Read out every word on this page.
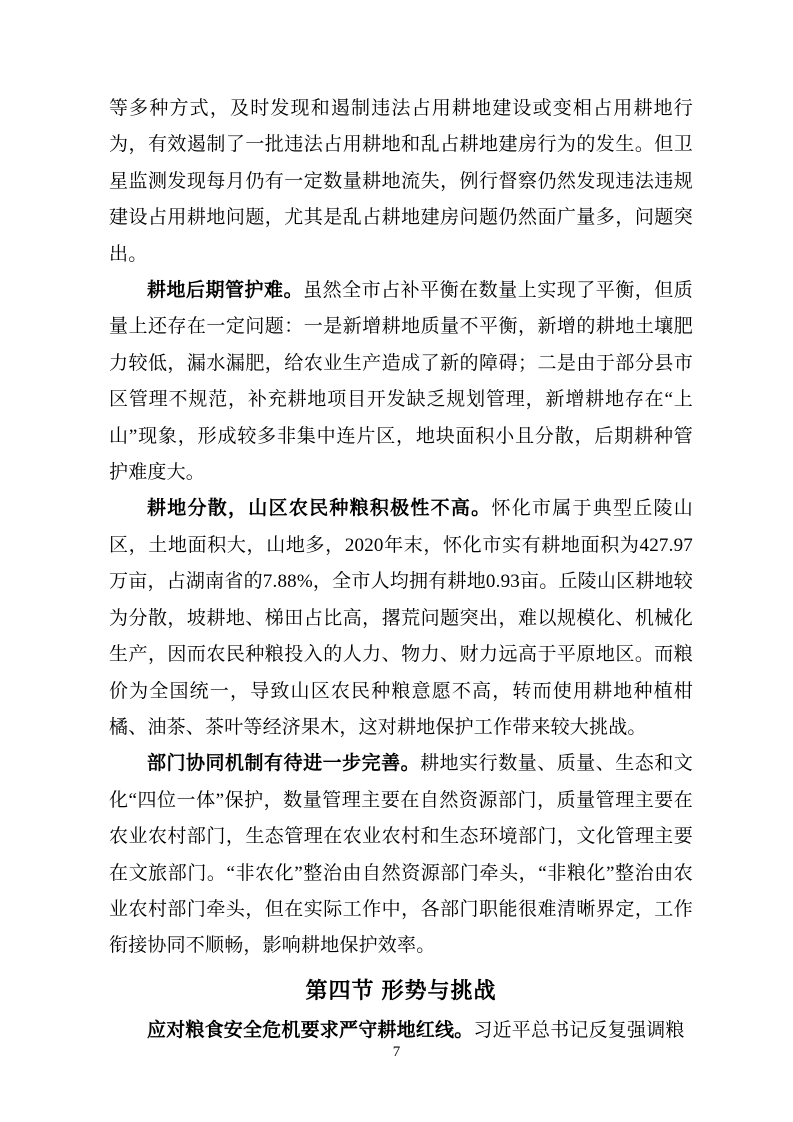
等多种方式，及时发现和遏制违法占用耕地建设或变相占用耕地行为，有效遏制了一批违法占用耕地和乱占耕地建房行为的发生。但卫星监测发现每月仍有一定数量耕地流失，例行督察仍然发现违法违规建设占用耕地问题，尤其是乱占耕地建房问题仍然面广量多，问题突出。

耕地后期管护难。虽然全市占补平衡在数量上实现了平衡，但质量上还存在一定问题：一是新增耕地质量不平衡，新增的耕地土壤肥力较低，漏水漏肥，给农业生产造成了新的障碍；二是由于部分县市区管理不规范，补充耕地项目开发缺乏规划管理，新增耕地存在“上山”现象，形成较多非集中连片区，地块面积小且分散，后期耕种管护难度大。

耕地分散，山区农民种粮积极性不高。怀化市属于典型丘陵山区，土地面积大，山地多，2020年末，怀化市实有耕地面积为427.97万亩，占湖南省的7.88%，全市人均拥有耕地0.93亩。丘陵山区耕地较为分散，坡耕地、梯田占比高，撂荒问题突出，难以规模化、机械化生产，因而农民种粮投入的人力、物力、财力远高于平原地区。而粮价为全国统一，导致山区农民种粮意愿不高，转而使用耕地种植柑橘、油茶、茶叶等经济果木，这对耕地保护工作带来较大挑战。

部门协同机制有待进一步完善。耕地实行数量、质量、生态和文化“四位一体”保护，数量管理主要在自然资源部门，质量管理主要在农业农村部门，生态管理在农业农村和生态环境部门，文化管理主要在文旅部门。“非农化”整治由自然资源部门牵头，“非粮化”整治由农业农村部门牵头，但在实际工作中，各部门职能很难清晰界定，工作衔接协同不顺畅，影响耕地保护效率。

第四节 形势与挑战

应对粮食安全危机要求严守耕地红线。习近平总书记反复强调粮

7
